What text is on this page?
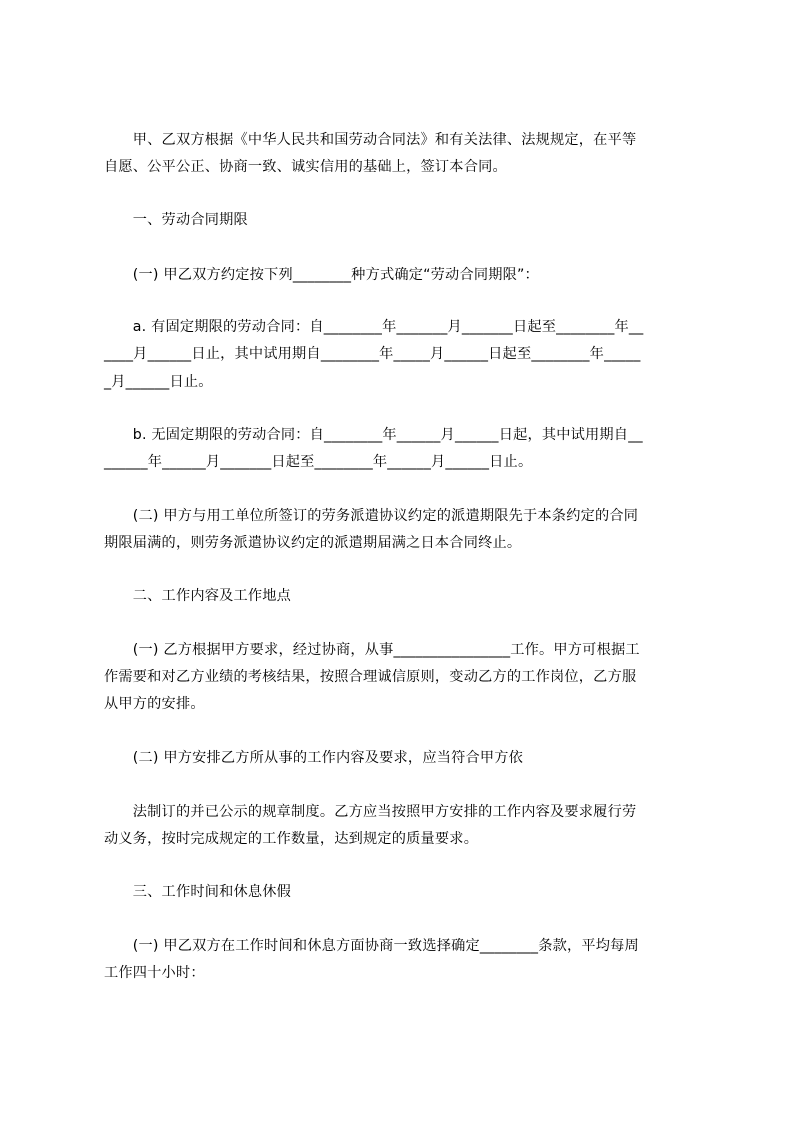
　　甲、乙双方根据《中华人民共和国劳动合同法》和有关法律、法规规定，在平等
自愿、公平公正、协商一致、诚实信用的基础上，签订本合同。
　　一、劳动合同期限
　　(一) 甲乙双方约定按下列________种方式确定“劳动合同期限”：
　　a. 有固定期限的劳动合同：自________年_______月_______日起至________年__
____月______日止，其中试用期自________年_____月______日起至________年_____
_月______日止。
　　b. 无固定期限的劳动合同：自________年______月______日起，其中试用期自__
______年______月_______日起至________年______月______日止。
　　(二) 甲方与用工单位所签订的劳务派遣协议约定的派遣期限先于本条约定的合同
期限届满的，则劳务派遣协议约定的派遣期届满之日本合同终止。
　　二、工作内容及工作地点
　　(一) 乙方根据甲方要求，经过协商，从事________________工作。甲方可根据工
作需要和对乙方业绩的考核结果，按照合理诚信原则，变动乙方的工作岗位，乙方服
从甲方的安排。
　　(二) 甲方安排乙方所从事的工作内容及要求，应当符合甲方依
　　法制订的并已公示的规章制度。乙方应当按照甲方安排的工作内容及要求履行劳
动义务，按时完成规定的工作数量，达到规定的质量要求。
　　三、工作时间和休息休假
　　(一) 甲乙双方在工作时间和休息方面协商一致选择确定________条款，平均每周
工作四十小时：
